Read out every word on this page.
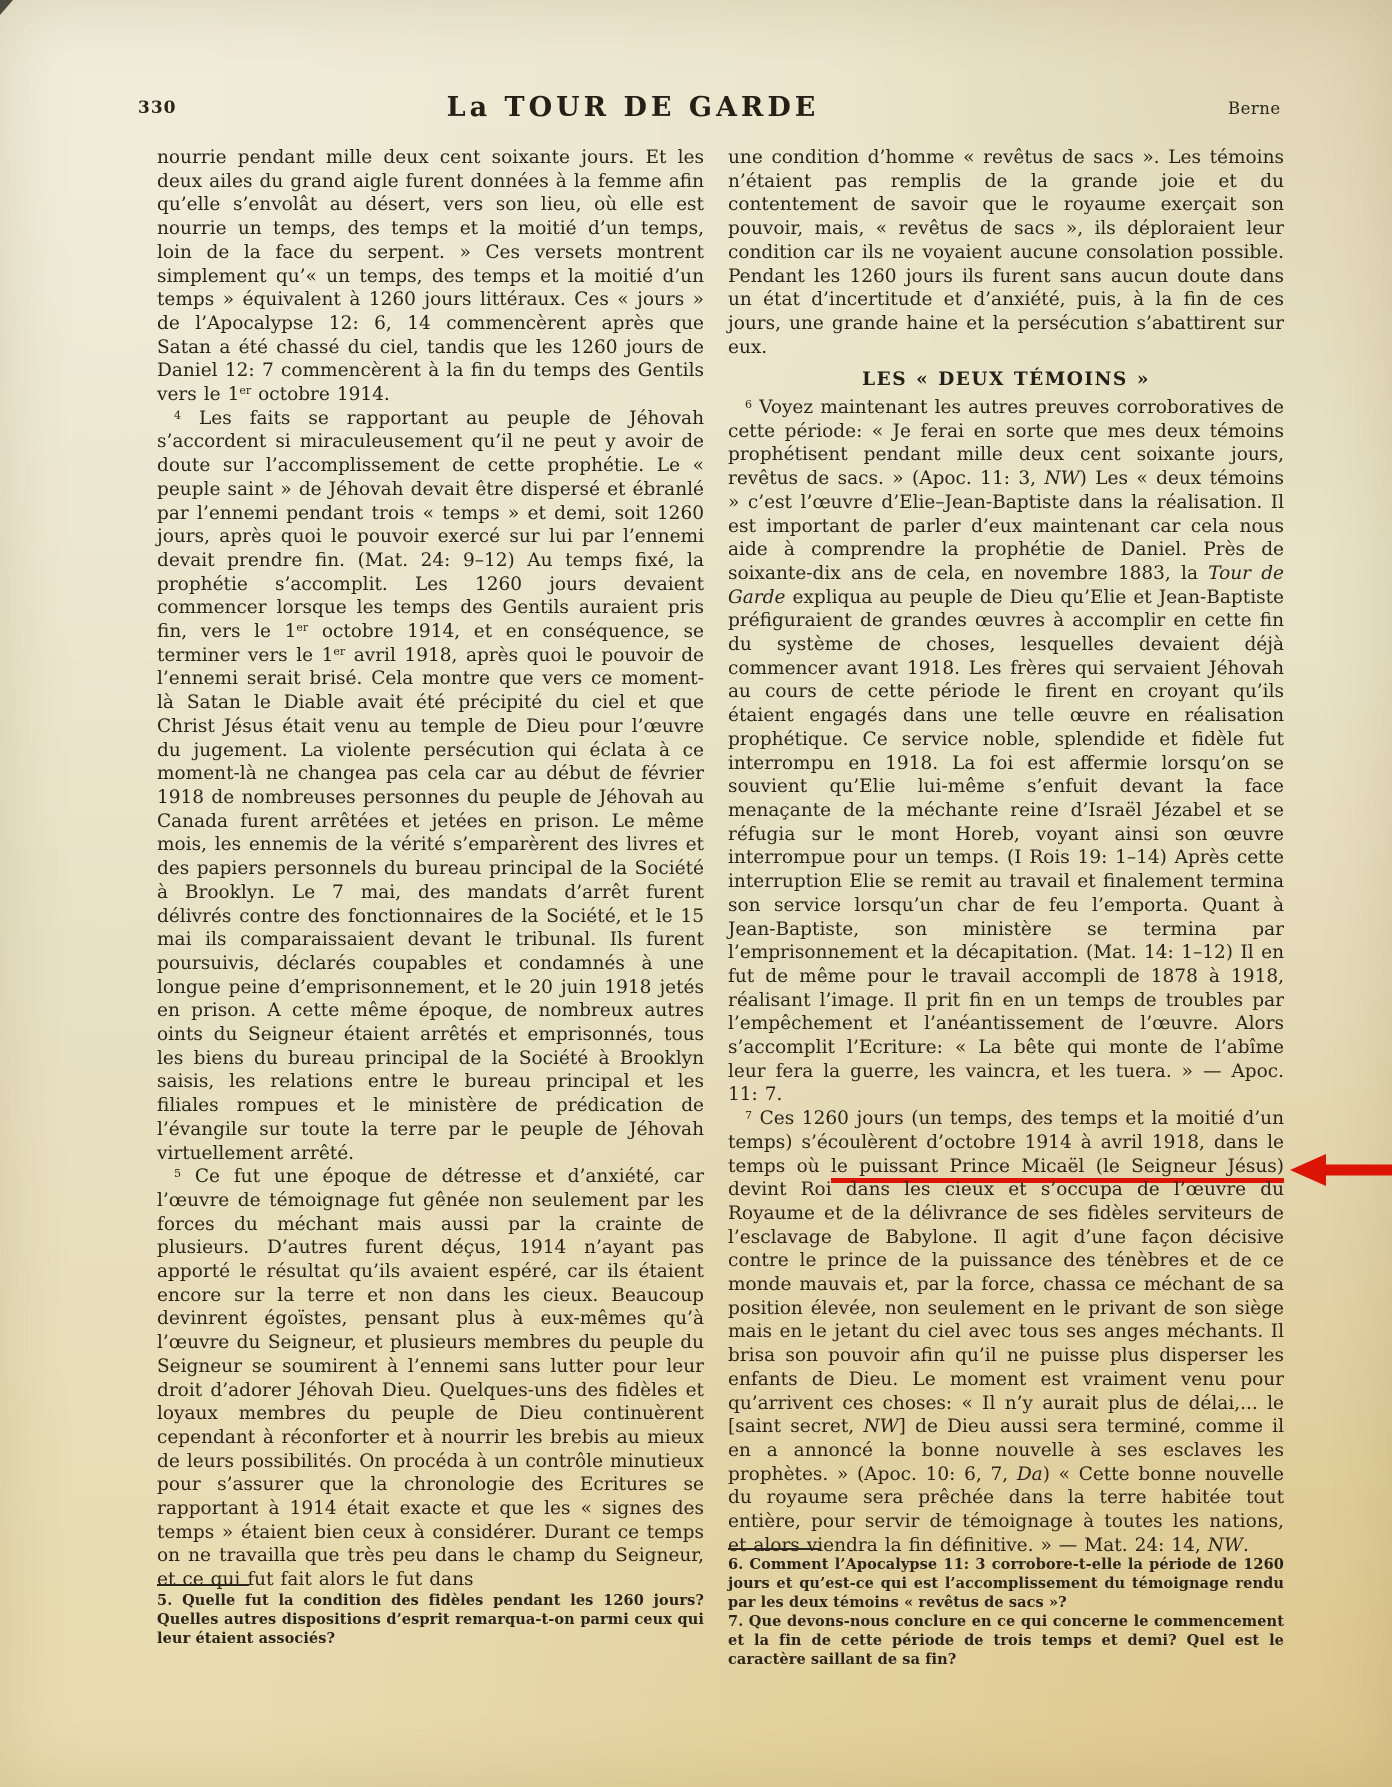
330	La TOUR DE GARDE	Berne

nourrie pendant mille deux cent soixante jours. Et les deux ailes du grand aigle furent données à la femme afin qu’elle s’envolât au désert, vers son lieu, où elle est nourrie un temps, des temps et la moitié d’un temps, loin de la face du serpent. » Ces versets montrent simplement qu’« un temps, des temps et la moitié d’un temps » équivalent à 1260 jours littéraux. Ces « jours » de l’Apocalypse 12: 6, 14 commencèrent après que Satan a été chassé du ciel, tandis que les 1260 jours de Daniel 12: 7 commencèrent à la fin du temps des Gentils vers le 1er octobre 1914.

$^4$ Les faits se rapportant au peuple de Jéhovah s’accordent si miraculeusement qu’il ne peut y avoir de doute sur l’accomplissement de cette prophétie. Le « peuple saint » de Jéhovah devait être dispersé et ébranlé par l’ennemi pendant trois « temps » et demi, soit 1260 jours, après quoi le pouvoir exercé sur lui par l’ennemi devait prendre fin. (Mat. 24: 9–12) Au temps fixé, la prophétie s’accomplit. Les 1260 jours devaient commencer lorsque les temps des Gentils auraient pris fin, vers le 1er octobre 1914, et en conséquence, se terminer vers le 1er avril 1918, après quoi le pouvoir de l’ennemi serait brisé. Cela montre que vers ce moment-là Satan le Diable avait été précipité du ciel et que Christ Jésus était venu au temple de Dieu pour l’œuvre du jugement. La violente persécution qui éclata à ce moment-là ne changea pas cela car au début de février 1918 de nombreuses personnes du peuple de Jéhovah au Canada furent arrêtées et jetées en prison. Le même mois, les ennemis de la vérité s’emparèrent des livres et des papiers personnels du bureau principal de la Société à Brooklyn. Le 7 mai, des mandats d’arrêt furent délivrés contre des fonctionnaires de la Société, et le 15 mai ils comparaissaient devant le tribunal. Ils furent poursuivis, déclarés coupables et condamnés à une longue peine d’emprisonnement, et le 20 juin 1918 jetés en prison. A cette même époque, de nombreux autres oints du Seigneur étaient arrêtés et emprisonnés, tous les biens du bureau principal de la Société à Brooklyn saisis, les relations entre le bureau principal et les filiales rompues et le ministère de prédication de l’évangile sur toute la terre par le peuple de Jéhovah virtuellement arrêté.

$^5$ Ce fut une époque de détresse et d’anxiété, car l’œuvre de témoignage fut gênée non seulement par les forces du méchant mais aussi par la crainte de plusieurs. D’autres furent déçus, 1914 n’ayant pas apporté le résultat qu’ils avaient espéré, car ils étaient encore sur la terre et non dans les cieux. Beaucoup devinrent égoïstes, pensant plus à eux-mêmes qu’à l’œuvre du Seigneur, et plusieurs membres du peuple du Seigneur se soumirent à l’ennemi sans lutter pour leur droit d’adorer Jéhovah Dieu. Quelques-uns des fidèles et loyaux membres du peuple de Dieu continuèrent cependant à réconforter et à nourrir les brebis au mieux de leurs possibilités. On procéda à un contrôle minutieux pour s’assurer que la chronologie des Ecritures se rapportant à 1914 était exacte et que les « signes des temps » étaient bien ceux à considérer. Durant ce temps on ne travailla que très peu dans le champ du Seigneur, et ce qui fut fait alors le fut dans

une condition d’homme « revêtus de sacs ». Les témoins n’étaient pas remplis de la grande joie et du contentement de savoir que le royaume exerçait son pouvoir, mais, « revêtus de sacs », ils déploraient leur condition car ils ne voyaient aucune consolation possible. Pendant les 1260 jours ils furent sans aucun doute dans un état d’incertitude et d’anxiété, puis, à la fin de ces jours, une grande haine et la persécution s’abattirent sur eux.

LES « DEUX TÉMOINS »

$^6$ Voyez maintenant les autres preuves corroboratives de cette période: « Je ferai en sorte que mes deux témoins prophétisent pendant mille deux cent soixante jours, revêtus de sacs. » (Apoc. 11: 3, NW) Les « deux témoins » c’est l’œuvre d’Elie–Jean-Baptiste dans la réalisation. Il est important de parler d’eux maintenant car cela nous aide à comprendre la prophétie de Daniel. Près de soixante-dix ans de cela, en novembre 1883, la Tour de Garde expliqua au peuple de Dieu qu’Elie et Jean-Baptiste préfiguraient de grandes œuvres à accomplir en cette fin du système de choses, lesquelles devaient déjà commencer avant 1918. Les frères qui servaient Jéhovah au cours de cette période le firent en croyant qu’ils étaient engagés dans une telle œuvre en réalisation prophétique. Ce service noble, splendide et fidèle fut interrompu en 1918. La foi est affermie lorsqu’on se souvient qu’Elie lui-même s’enfuit devant la face menaçante de la méchante reine d’Israël Jézabel et se réfugia sur le mont Horeb, voyant ainsi son œuvre interrompue pour un temps. (I Rois 19: 1–14) Après cette interruption Elie se remit au travail et finalement termina son service lorsqu’un char de feu l’emporta. Quant à Jean-Baptiste, son ministère se termina par l’emprisonnement et la décapitation. (Mat. 14: 1–12) Il en fut de même pour le travail accompli de 1878 à 1918, réalisant l’image. Il prit fin en un temps de troubles par l’empêchement et l’anéantissement de l’œuvre. Alors s’accomplit l’Ecriture: « La bête qui monte de l’abîme leur fera la guerre, les vaincra, et les tuera. » — Apoc. 11: 7.

$^7$ Ces 1260 jours (un temps, des temps et la moitié d’un temps) s’écoulèrent d’octobre 1914 à avril 1918, dans le temps où le puissant Prince Micaël (le Seigneur Jésus) devint Roi dans les cieux et s’occupa de l’œuvre du Royaume et de la délivrance de ses fidèles serviteurs de l’esclavage de Babylone. Il agit d’une façon décisive contre le prince de la puissance des ténèbres et de ce monde mauvais et, par la force, chassa ce méchant de sa position élevée, non seulement en le privant de son siège mais en le jetant du ciel avec tous ses anges méchants. Il brisa son pouvoir afin qu’il ne puisse plus disperser les enfants de Dieu. Le moment est vraiment venu pour qu’arrivent ces choses: « Il n’y aurait plus de délai,... le [saint secret, NW] de Dieu aussi sera terminé, comme il en a annoncé la bonne nouvelle à ses esclaves les prophètes. » (Apoc. 10: 6, 7, Da) « Cette bonne nouvelle du royaume sera prêchée dans la terre habitée tout entière, pour servir de témoignage à toutes les nations, et alors viendra la fin définitive. » — Mat. 24: 14, NW.

5. Quelle fut la condition des fidèles pendant les 1260 jours? Quelles autres dispositions d’esprit remarqua-t-on parmi ceux qui leur étaient associés?

6. Comment l’Apocalypse 11: 3 corrobore-t-elle la période de 1260 jours et qu’est-ce qui est l’accomplissement du témoignage rendu par les deux témoins « revêtus de sacs »?

7. Que devons-nous conclure en ce qui concerne le commencement et la fin de cette période de trois temps et demi? Quel est le caractère saillant de sa fin?
